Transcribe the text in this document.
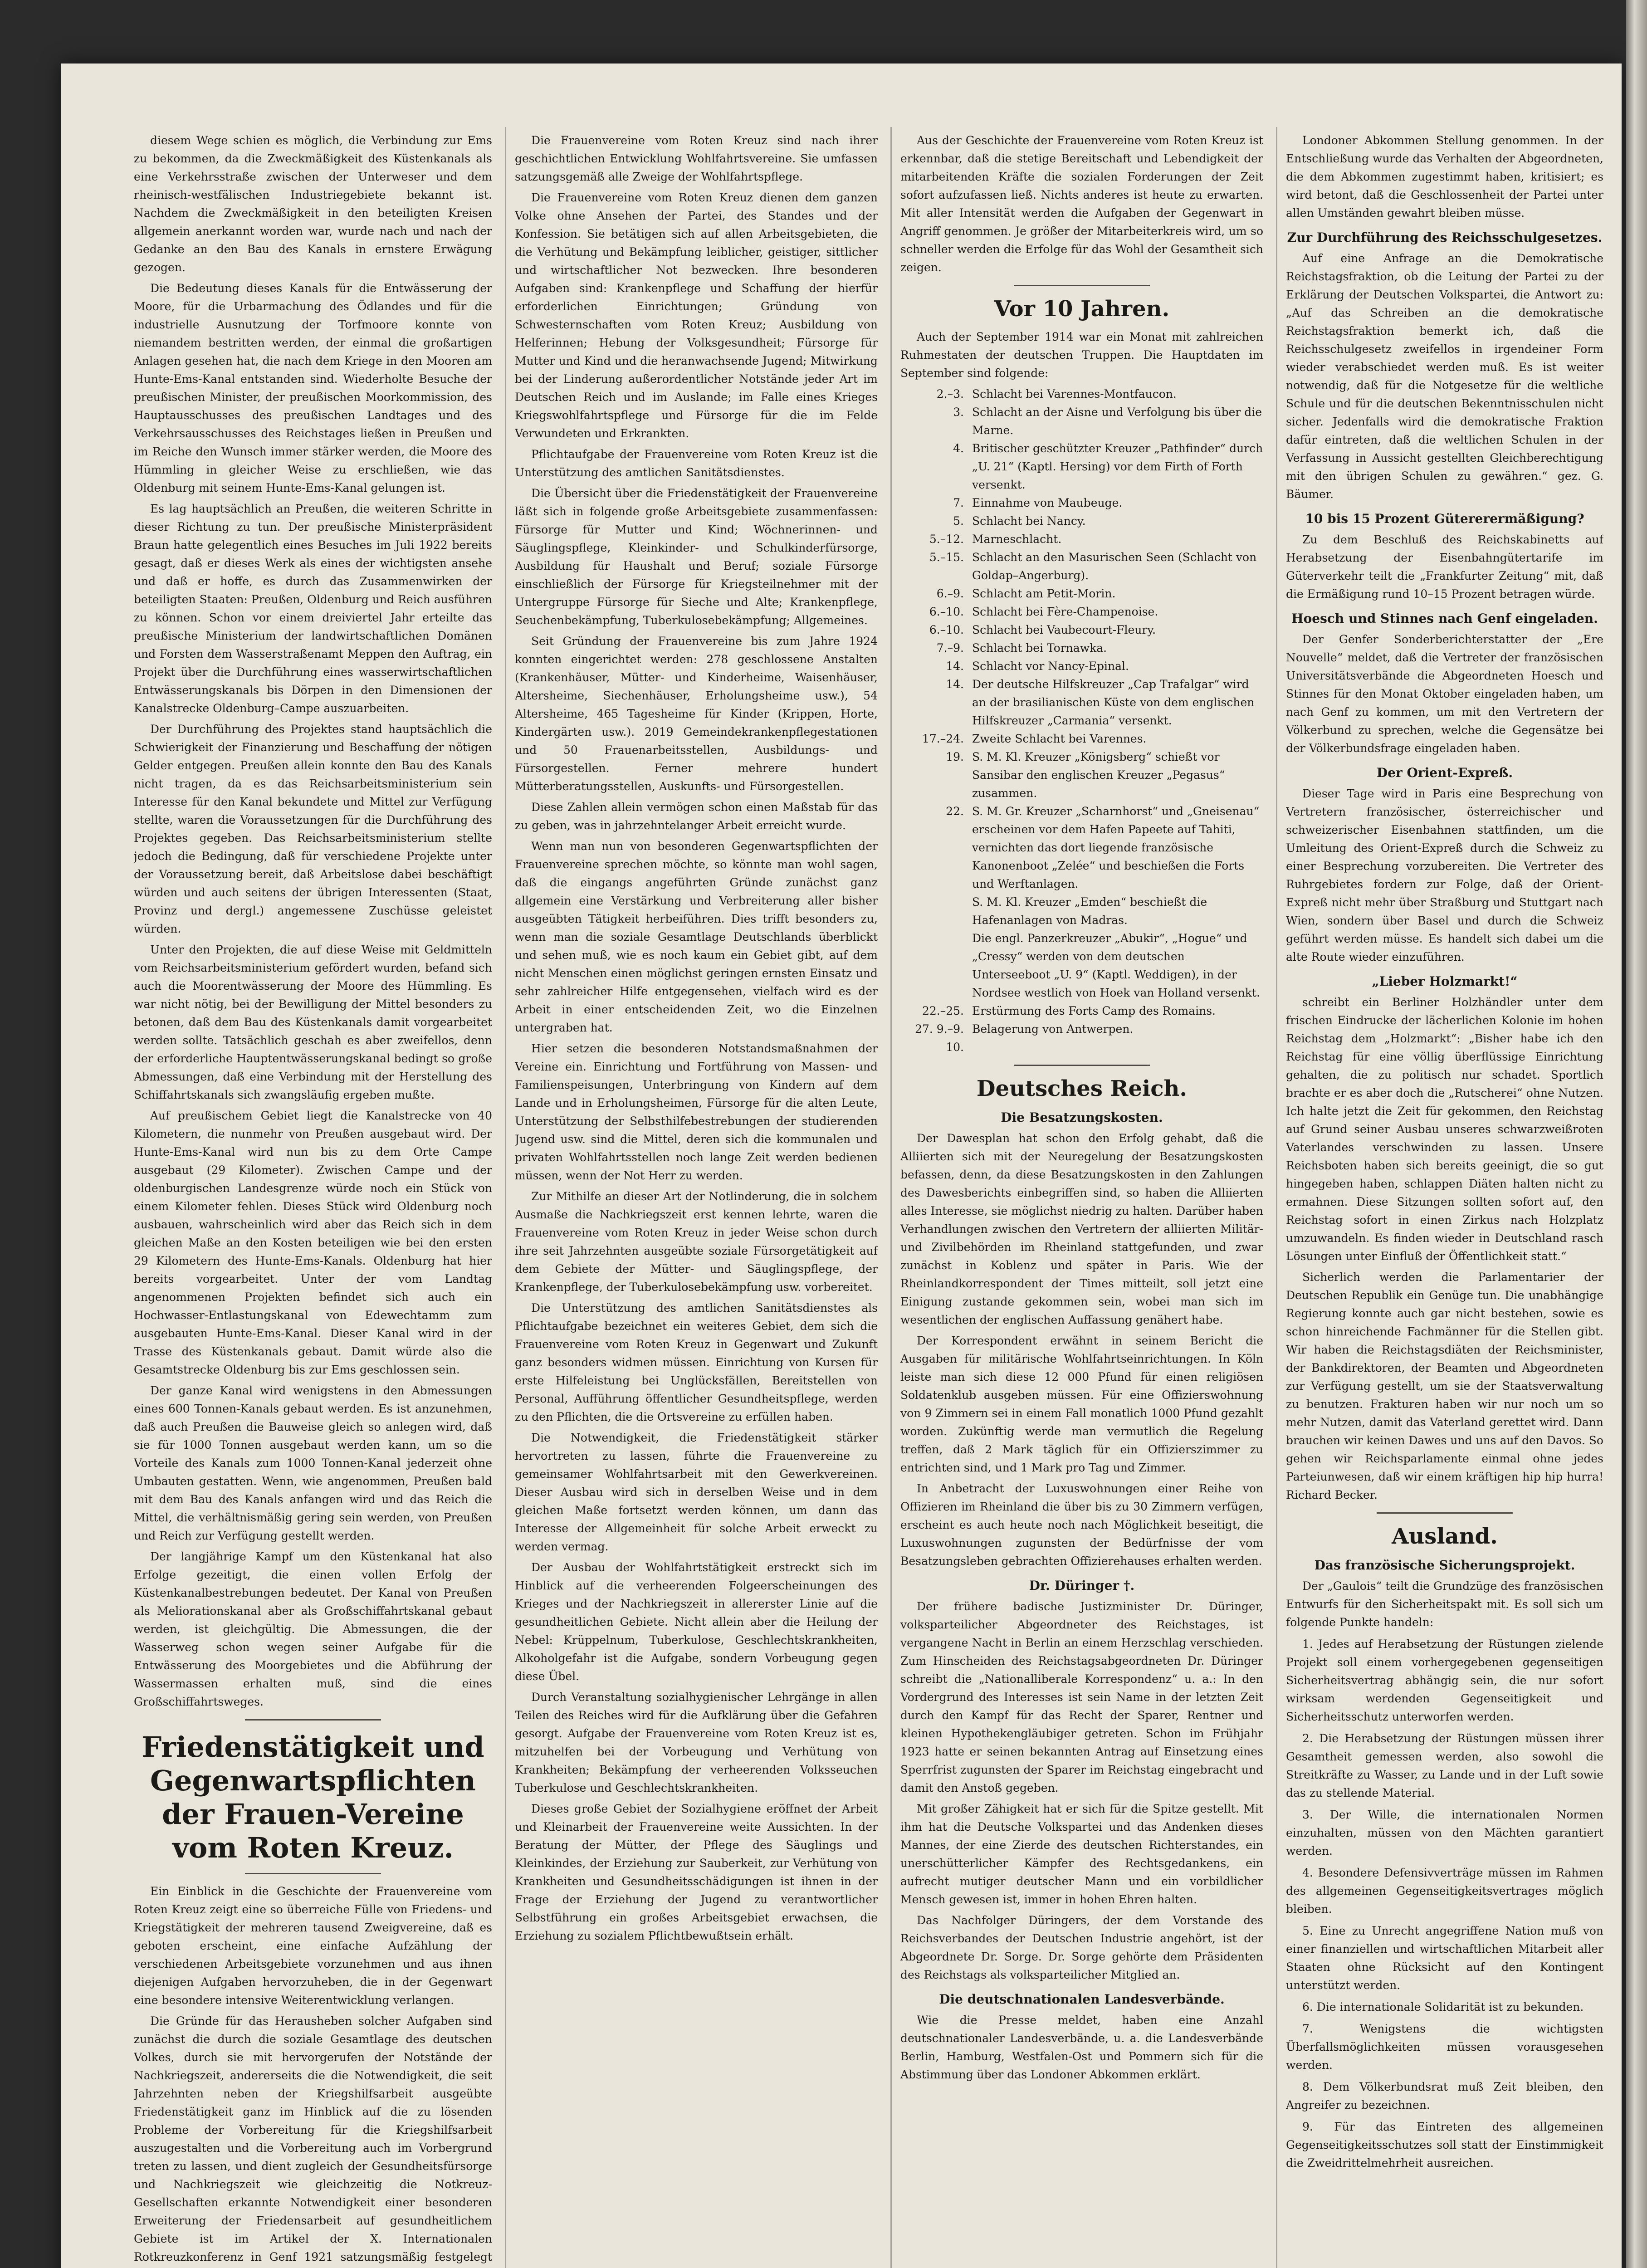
diesem Wege schien es möglich, die Verbindung zur Ems zu bekommen, da die Zweckmäßigkeit des Küstenkanals als eine Verkehrsstraße zwischen der Unterweser und dem rheinisch-westfälischen Industriegebiete bekannt ist. Nachdem die Zweckmäßigkeit in den beteiligten Kreisen allgemein anerkannt worden war, wurde nach und nach der Gedanke an den Bau des Kanals in ernstere Erwägung gezogen.

Die Bedeutung dieses Kanals für die Entwässerung der Moore, für die Urbarmachung des Ödlandes und für die industrielle Ausnutzung der Torfmoore konnte von niemandem bestritten werden, der einmal die großartigen Anlagen gesehen hat, die nach dem Kriege in den Mooren am Hunte-Ems-Kanal entstanden sind. Wiederholte Besuche der preußischen Minister, der preußischen Moorkommission, des Hauptausschusses des preußischen Landtages und des Verkehrsausschusses des Reichstages ließen in Preußen und im Reiche den Wunsch immer stärker werden, die Moore des Hümmling in gleicher Weise zu erschließen, wie das Oldenburg mit seinem Hunte-Ems-Kanal gelungen ist.

Es lag hauptsächlich an Preußen, die weiteren Schritte in dieser Richtung zu tun. Der preußische Ministerpräsident Braun hatte gelegentlich eines Besuches im Juli 1922 bereits gesagt, daß er dieses Werk als eines der wichtigsten ansehe und daß er hoffe, es durch das Zusammenwirken der beteiligten Staaten: Preußen, Oldenburg und Reich ausführen zu können. Schon vor einem dreiviertel Jahr erteilte das preußische Ministerium der landwirtschaftlichen Domänen und Forsten dem Wasserstraßenamt Meppen den Auftrag, ein Projekt über die Durchführung eines wasserwirtschaftlichen Entwässerungskanals bis Dörpen in den Dimensionen der Kanalstrecke Oldenburg–Campe auszuarbeiten.

Der Durchführung des Projektes stand hauptsächlich die Schwierigkeit der Finanzierung und Beschaffung der nötigen Gelder entgegen. Preußen allein konnte den Bau des Kanals nicht tragen, da es das Reichsarbeitsministerium sein Interesse für den Kanal bekundete und Mittel zur Verfügung stellte, waren die Voraussetzungen für die Durchführung des Projektes gegeben. Das Reichsarbeitsministerium stellte jedoch die Bedingung, daß für verschiedene Projekte unter der Voraussetzung bereit, daß Arbeitslose dabei beschäftigt würden und auch seitens der übrigen Interessenten (Staat, Provinz und dergl.) angemessene Zuschüsse geleistet würden.

Unter den Projekten, die auf diese Weise mit Geldmitteln vom Reichsarbeitsministerium gefördert wurden, befand sich auch die Moorentwässerung der Moore des Hümmling. Es war nicht nötig, bei der Bewilligung der Mittel besonders zu betonen, daß dem Bau des Küstenkanals damit vorgearbeitet werden sollte. Tatsächlich geschah es aber zweifellos, denn der erforderliche Hauptentwässerungskanal bedingt so große Abmessungen, daß eine Verbindung mit der Herstellung des Schiffahrtskanals sich zwangsläufig ergeben mußte.

Auf preußischem Gebiet liegt die Kanalstrecke von 40 Kilometern, die nunmehr von Preußen ausgebaut wird. Der Hunte-Ems-Kanal wird nun bis zu dem Orte Campe ausgebaut (29 Kilometer). Zwischen Campe und der oldenburgischen Landesgrenze würde noch ein Stück von einem Kilometer fehlen. Dieses Stück wird Oldenburg noch ausbauen, wahrscheinlich wird aber das Reich sich in dem gleichen Maße an den Kosten beteiligen wie bei den ersten 29 Kilometern des Hunte-Ems-Kanals. Oldenburg hat hier bereits vorgearbeitet. Unter der vom Landtag angenommenen Projekten befindet sich auch ein Hochwasser-Entlastungskanal von Edewechtamm zum ausgebauten Hunte-Ems-Kanal. Dieser Kanal wird in der Trasse des Küstenkanals gebaut. Damit würde also die Gesamtstrecke Oldenburg bis zur Ems geschlossen sein.

Der ganze Kanal wird wenigstens in den Abmessungen eines 600 Tonnen-Kanals gebaut werden. Es ist anzunehmen, daß auch Preußen die Bauweise gleich so anlegen wird, daß sie für 1000 Tonnen ausgebaut werden kann, um so die Vorteile des Kanals zum 1000 Tonnen-Kanal jederzeit ohne Umbauten gestatten. Wenn, wie angenommen, Preußen bald mit dem Bau des Kanals anfangen wird und das Reich die Mittel, die verhältnismäßig gering sein werden, von Preußen und Reich zur Verfügung gestellt werden.

Der langjährige Kampf um den Küstenkanal hat also Erfolge gezeitigt, die einen vollen Erfolg der Küstenkanalbestrebungen bedeutet. Der Kanal von Preußen als Meliorationskanal aber als Großschiffahrtskanal gebaut werden, ist gleichgültig. Die Abmessungen, die der Wasserweg schon wegen seiner Aufgabe für die Entwässerung des Moorgebietes und die Abführung der Wassermassen erhalten muß, sind die eines Großschiffahrtsweges.

Friedenstätigkeit und Gegenwartspflichten der Frauen-Vereine vom Roten Kreuz.

Ein Einblick in die Geschichte der Frauenvereine vom Roten Kreuz zeigt eine so überreiche Fülle von Friedens- und Kriegstätigkeit der mehreren tausend Zweigvereine, daß es geboten erscheint, eine einfache Aufzählung der verschiedenen Arbeitsgebiete vorzunehmen und aus ihnen diejenigen Aufgaben hervorzuheben, die in der Gegenwart eine besondere intensive Weiterentwicklung verlangen.

Die Gründe für das Herausheben solcher Aufgaben sind zunächst die durch die soziale Gesamtlage des deutschen Volkes, durch sie mit hervorgerufen der Notstände der Nachkriegszeit, andererseits die die Notwendigkeit, die seit Jahrzehnten neben der Kriegshilfsarbeit ausgeübte Friedenstätigkeit ganz im Hinblick auf die zu lösenden Probleme der Vorbereitung für die Kriegshilfsarbeit auszugestalten und die Vorbereitung auch im Vorbergrund treten zu lassen, und dient zugleich der Gesundheitsfürsorge und Nachkriegszeit wie gleichzeitig die Notkreuz-Gesellschaften erkannte Notwendigkeit einer besonderen Erweiterung der Friedensarbeit auf gesundheitlichem Gebiete ist im Artikel der X. Internationalen Rotkreuzkonferenz in Genf 1921 satzungsmäßig festgelegt

Die Frauenvereine vom Roten Kreuz sind nach ihrer geschichtlichen Entwicklung Wohlfahrtsvereine. Sie umfassen satzungsgemäß alle Zweige der Wohlfahrtspflege.

Die Frauenvereine vom Roten Kreuz dienen dem ganzen Volke ohne Ansehen der Partei, des Standes und der Konfession. Sie betätigen sich auf allen Arbeitsgebieten, die die Verhütung und Bekämpfung leiblicher, geistiger, sittlicher und wirtschaftlicher Not bezwecken. Ihre besonderen Aufgaben sind: Krankenpflege und Schaffung der hierfür erforderlichen Einrichtungen; Gründung von Schwesternschaften vom Roten Kreuz; Ausbildung von Helferinnen; Hebung der Volksgesundheit; Fürsorge für Mutter und Kind und die heranwachsende Jugend; Mitwirkung bei der Linderung außerordentlicher Notstände jeder Art im Deutschen Reich und im Auslande; im Falle eines Krieges Kriegswohlfahrtspflege und Fürsorge für die im Felde Verwundeten und Erkrankten.

Pflichtaufgabe der Frauenvereine vom Roten Kreuz ist die Unterstützung des amtlichen Sanitätsdienstes.

Die Übersicht über die Friedenstätigkeit der Frauenvereine läßt sich in folgende große Arbeitsgebiete zusammenfassen: Fürsorge für Mutter und Kind; Wöchnerinnen- und Säuglingspflege, Kleinkinder- und Schulkinderfürsorge, Ausbildung für Haushalt und Beruf; soziale Fürsorge einschließlich der Fürsorge für Kriegsteilnehmer mit der Untergruppe Fürsorge für Sieche und Alte; Krankenpflege, Seuchenbekämpfung, Tuberkulosebekämpfung; Allgemeines.

Seit Gründung der Frauenvereine bis zum Jahre 1924 konnten eingerichtet werden: 278 geschlossene Anstalten (Krankenhäuser, Mütter- und Kinderheime, Waisenhäuser, Altersheime, Siechenhäuser, Erholungsheime usw.), 54 Altersheime, 465 Tagesheime für Kinder (Krippen, Horte, Kindergärten usw.). 2019 Gemeindekrankenpflegestationen und 50 Frauenarbeitsstellen, Ausbildungs- und Fürsorgestellen. Ferner mehrere hundert Mütterberatungsstellen, Auskunfts- und Fürsorgestellen.

Diese Zahlen allein vermögen schon einen Maßstab für das zu geben, was in jahrzehntelanger Arbeit erreicht wurde.

Wenn man nun von besonderen Gegenwartspflichten der Frauenvereine sprechen möchte, so könnte man wohl sagen, daß die eingangs angeführten Gründe zunächst ganz allgemein eine Verstärkung und Verbreiterung aller bisher ausgeübten Tätigkeit herbeiführen. Dies trifft besonders zu, wenn man die soziale Gesamtlage Deutschlands überblickt und sehen muß, wie es noch kaum ein Gebiet gibt, auf dem nicht Menschen einen möglichst geringen ernsten Einsatz und sehr zahlreicher Hilfe entgegensehen, vielfach wird es der Arbeit in einer entscheidenden Zeit, wo die Einzelnen untergraben hat.

Hier setzen die besonderen Notstandsmaßnahmen der Vereine ein. Einrichtung und Fortführung von Massen- und Familienspeisungen, Unterbringung von Kindern auf dem Lande und in Erholungsheimen, Fürsorge für die alten Leute, Unterstützung der Selbsthilfebestrebungen der studierenden Jugend usw. sind die Mittel, deren sich die kommunalen und privaten Wohlfahrtsstellen noch lange Zeit werden bedienen müssen, wenn der Not Herr zu werden.

Zur Mithilfe an dieser Art der Notlinderung, die in solchem Ausmaße die Nachkriegszeit erst kennen lehrte, waren die Frauenvereine vom Roten Kreuz in jeder Weise schon durch ihre seit Jahrzehnten ausgeübte soziale Fürsorgetätigkeit auf dem Gebiete der Mütter- und Säuglingspflege, der Krankenpflege, der Tuberkulosebekämpfung usw. vorbereitet.

Die Unterstützung des amtlichen Sanitätsdienstes als Pflichtaufgabe bezeichnet ein weiteres Gebiet, dem sich die Frauenvereine vom Roten Kreuz in Gegenwart und Zukunft ganz besonders widmen müssen. Einrichtung von Kursen für erste Hilfeleistung bei Unglücksfällen, Bereitstellen von Personal, Aufführung öffentlicher Gesundheitspflege, werden zu den Pflichten, die die Ortsvereine zu erfüllen haben.

Die Notwendigkeit, die Friedenstätigkeit stärker hervortreten zu lassen, führte die Frauenvereine zu gemeinsamer Wohlfahrtsarbeit mit den Gewerkvereinen. Dieser Ausbau wird sich in derselben Weise und in dem gleichen Maße fortsetzt werden können, um dann das Interesse der Allgemeinheit für solche Arbeit erweckt zu werden vermag.

Der Ausbau der Wohlfahrtstätigkeit erstreckt sich im Hinblick auf die verheerenden Folgeerscheinungen des Krieges und der Nachkriegszeit in allererster Linie auf die gesundheitlichen Gebiete. Nicht allein aber die Heilung der Nebel: Krüppelnum, Tuberkulose, Geschlechtskrankheiten, Alkoholgefahr ist die Aufgabe, sondern Vorbeugung gegen diese Übel.

Durch Veranstaltung sozialhygienischer Lehrgänge in allen Teilen des Reiches wird für die Aufklärung über die Gefahren gesorgt. Aufgabe der Frauenvereine vom Roten Kreuz ist es, mitzuhelfen bei der Vorbeugung und Verhütung von Krankheiten; Bekämpfung der verheerenden Volksseuchen Tuberkulose und Geschlechtskrankheiten.

Dieses große Gebiet der Sozialhygiene eröffnet der Arbeit und Kleinarbeit der Frauenvereine weite Aussichten. In der Beratung der Mütter, der Pflege des Säuglings und Kleinkindes, der Erziehung zur Sauberkeit, zur Verhütung von Krankheiten und Gesundheitsschädigungen ist ihnen in der Frage der Erziehung der Jugend zu verantwortlicher Selbstführung ein großes Arbeitsgebiet erwachsen, die Erziehung zu sozialem Pflichtbewußtsein erhält.

Aus der Geschichte der Frauenvereine vom Roten Kreuz ist erkennbar, daß die stetige Bereitschaft und Lebendigkeit der mitarbeitenden Kräfte die sozialen Forderungen der Zeit sofort aufzufassen ließ. Nichts anderes ist heute zu erwarten. Mit aller Intensität werden die Aufgaben der Gegenwart in Angriff genommen. Je größer der Mitarbeiterkreis wird, um so schneller werden die Erfolge für das Wohl der Gesamtheit sich zeigen.

Vor 10 Jahren.

Auch der September 1914 war ein Monat mit zahlreichen Ruhmestaten der deutschen Truppen. Die Hauptdaten im September sind folgende:

2.–3. Schlacht bei Varennes-Montfaucon.
3. Schlacht an der Aisne und Verfolgung bis über die Marne.
4. Britischer geschützter Kreuzer „Pathfinder“ durch „U. 21“ (Kaptl. Hersing) vor dem Firth of Forth versenkt.
7. Einnahme von Maubeuge.
5. Schlacht bei Nancy.
5.–12. Marneschlacht.
5.–15. Schlacht an den Masurischen Seen (Schlacht von Goldap–Angerburg).
6.–9. Schlacht am Petit-Morin.
6.–10. Schlacht bei Fère-Champenoise.
6.–10. Schlacht bei Vaubecourt-Fleury.
7.–9. Schlacht bei Tornawka.
14. Schlacht vor Nancy-Epinal.
14. Der deutsche Hilfskreuzer „Cap Trafalgar“ wird an der brasilianischen Küste von dem englischen Hilfskreuzer „Carmania“ versenkt.
17.–24. Zweite Schlacht bei Varennes.
19. S. M. Kl. Kreuzer „Königsberg“ schießt vor Sansibar den englischen Kreuzer „Pegasus“ zusammen.
22. S. M. Gr. Kreuzer „Scharnhorst“ und „Gneisenau“ erscheinen vor dem Hafen Papeete auf Tahiti, vernichten das dort liegende französische Kanonenboot „Zelée“ und beschießen die Forts und Werftanlagen.
S. M. Kl. Kreuzer „Emden“ beschießt die Hafenanlagen von Madras.
Die engl. Panzerkreuzer „Abukir“, „Hogue“ und „Cressy“ werden von dem deutschen Unterseeboot „U. 9“ (Kaptl. Weddigen), in der Nordsee westlich von Hoek van Holland versenkt.
22.–25. Erstürmung des Forts Camp des Romains.
27. 9.–9. 10.
Belagerung von Antwerpen.
Deutsches Reich.
Die Besatzungskosten.

Der Dawesplan hat schon den Erfolg gehabt, daß die Alliierten sich mit der Neuregelung der Besatzungskosten befassen, denn, da diese Besatzungskosten in den Zahlungen des Dawesberichts einbegriffen sind, so haben die Alliierten alles Interesse, sie möglichst niedrig zu halten. Darüber haben Verhandlungen zwischen den Vertretern der alliierten Militär- und Zivilbehörden im Rheinland stattgefunden, und zwar zunächst in Koblenz und später in Paris. Wie der Rheinlandkorrespondent der Times mitteilt, soll jetzt eine Einigung zustande gekommen sein, wobei man sich im wesentlichen der englischen Auffassung genähert habe.

Der Korrespondent erwähnt in seinem Bericht die Ausgaben für militärische Wohlfahrtseinrichtungen. In Köln leiste man sich diese 12 000 Pfund für einen religiösen Soldatenklub ausgeben müssen. Für eine Offizierswohnung von 9 Zimmern sei in einem Fall monatlich 1000 Pfund gezahlt worden. Zukünftig werde man vermutlich die Regelung treffen, daß 2 Mark täglich für ein Offizierszimmer zu entrichten sind, und 1 Mark pro Tag und Zimmer.

In Anbetracht der Luxuswohnungen einer Reihe von Offizieren im Rheinland die über bis zu 30 Zimmern verfügen, erscheint es auch heute noch nach Möglichkeit beseitigt, die Luxuswohnungen zugunsten der Bedürfnisse der vom Besatzungsleben gebrachten Offizierehauses erhalten werden.

Dr. Düringer †.

Der frühere badische Justizminister Dr. Düringer, volksparteilicher Abgeordneter des Reichstages, ist vergangene Nacht in Berlin an einem Herzschlag verschieden. Zum Hinscheiden des Reichstagsabgeordneten Dr. Düringer schreibt die „Nationalliberale Korrespondenz“ u. a.: In den Vordergrund des Interesses ist sein Name in der letzten Zeit durch den Kampf für das Recht der Sparer, Rentner und kleinen Hypothekengläubiger getreten. Schon im Frühjahr 1923 hatte er seinen bekannten Antrag auf Einsetzung eines Sperrfrist zugunsten der Sparer im Reichstag eingebracht und damit den Anstoß gegeben.

Mit großer Zähigkeit hat er sich für die Spitze gestellt. Mit ihm hat die Deutsche Volkspartei und das Andenken dieses Mannes, der eine Zierde des deutschen Richterstandes, ein unerschütterlicher Kämpfer des Rechtsgedankens, ein aufrecht mutiger deutscher Mann und ein vorbildlicher Mensch gewesen ist, immer in hohen Ehren halten.

Das Nachfolger Düringers, der dem Vorstande des Reichsverbandes der Deutschen Industrie angehört, ist der Abgeordnete Dr. Sorge. Dr. Sorge gehörte dem Präsidenten des Reichstags als volksparteilicher Mitglied an.

Die deutschnationalen Landesverbände.

Wie die Presse meldet, haben eine Anzahl deutschnationaler Landesverbände, u. a. die Landesverbände Berlin, Hamburg, Westfalen-Ost und Pommern sich für die Abstimmung über das Londoner Abkommen erklärt.

Londoner Abkommen Stellung genommen. In der Entschließung wurde das Verhalten der Abgeordneten, die dem Abkommen zugestimmt haben, kritisiert; es wird betont, daß die Geschlossenheit der Partei unter allen Umständen gewahrt bleiben müsse.

Zur Durchführung des Reichsschulgesetzes.

Auf eine Anfrage an die Demokratische Reichstagsfraktion, ob die Leitung der Partei zu der Erklärung der Deutschen Volkspartei, die Antwort zu: „Auf das Schreiben an die demokratische Reichstagsfraktion bemerkt ich, daß die Reichsschulgesetz zweifellos in irgendeiner Form wieder verabschiedet werden muß. Es ist weiter notwendig, daß für die Notgesetze für die weltliche Schule und für die deutschen Bekenntnisschulen nicht sicher. Jedenfalls wird die demokratische Fraktion dafür eintreten, daß die weltlichen Schulen in der Verfassung in Aussicht gestellten Gleichberechtigung mit den übrigen Schulen zu gewähren.“ gez. G. Bäumer.

10 bis 15 Prozent Gütererermäßigung?

Zu dem Beschluß des Reichskabinetts auf Herabsetzung der Eisenbahngütertarife im Güterverkehr teilt die „Frankfurter Zeitung“ mit, daß die Ermäßigung rund 10–15 Prozent betragen würde.

Hoesch und Stinnes nach Genf eingeladen.

Der Genfer Sonderberichterstatter der „Ere Nouvelle“ meldet, daß die Vertreter der französischen Universitätsverbände die Abgeordneten Hoesch und Stinnes für den Monat Oktober eingeladen haben, um nach Genf zu kommen, um mit den Vertretern der Völkerbund zu sprechen, welche die Gegensätze bei der Völkerbundsfrage eingeladen haben.

Der Orient-Expreß.

Dieser Tage wird in Paris eine Besprechung von Vertretern französischer, österreichischer und schweizerischer Eisenbahnen stattfinden, um die Umleitung des Orient-Expreß durch die Schweiz zu einer Besprechung vorzubereiten. Die Vertreter des Ruhrgebietes fordern zur Folge, daß der Orient-Expreß nicht mehr über Straßburg und Stuttgart nach Wien, sondern über Basel und durch die Schweiz geführt werden müsse. Es handelt sich dabei um die alte Route wieder einzuführen.

„Lieber Holzmarkt!“

schreibt ein Berliner Holzhändler unter dem frischen Eindrucke der lächerlichen Kolonie im hohen Reichstag dem „Holzmarkt“: „Bisher habe ich den Reichstag für eine völlig überflüssige Einrichtung gehalten, die zu politisch nur schadet. Sportlich brachte er es aber doch die „Rutscherei“ ohne Nutzen. Ich halte jetzt die Zeit für gekommen, den Reichstag auf Grund seiner Ausbau unseres schwarzweißroten Vaterlandes verschwinden zu lassen. Unsere Reichsboten haben sich bereits geeinigt, die so gut hingegeben haben, schlappen Diäten halten nicht zu ermahnen. Diese Sitzungen sollten sofort auf, den Reichstag sofort in einen Zirkus nach Holzplatz umzuwandeln. Es finden wieder in Deutschland rasch Lösungen unter Einfluß der Öffentlichkeit statt.“

Sicherlich werden die Parlamentarier der Deutschen Republik ein Genüge tun. Die unabhängige Regierung konnte auch gar nicht bestehen, sowie es schon hinreichende Fachmänner für die Stellen gibt. Wir haben die Reichstagsdiäten der Reichsminister, der Bankdirektoren, der Beamten und Abgeordneten zur Verfügung gestellt, um sie der Staatsverwaltung zu benutzen. Frakturen haben wir nur noch um so mehr Nutzen, damit das Vaterland gerettet wird. Dann brauchen wir keinen Dawes und uns auf den Davos. So gehen wir Reichsparlamente einmal ohne jedes Parteiunwesen, daß wir einem kräftigen hip hip hurra! Richard Becker.

Ausland.
Das französische Sicherungsprojekt.

Der „Gaulois“ teilt die Grundzüge des französischen Entwurfs für den Sicherheitspakt mit. Es soll sich um folgende Punkte handeln:

1. Jedes auf Herabsetzung der Rüstungen zielende Projekt soll einem vorhergegebenen gegenseitigen Sicherheitsvertrag abhängig sein, die nur sofort wirksam werdenden Gegenseitigkeit und Sicherheitsschutz unterworfen werden.
2. Die Herabsetzung der Rüstungen müssen ihrer Gesamtheit gemessen werden, also sowohl die Streitkräfte zu Wasser, zu Lande und in der Luft sowie das zu stellende Material.
3. Der Wille, die internationalen Normen einzuhalten, müssen von den Mächten garantiert werden.
4. Besondere Defensivverträge müssen im Rahmen des allgemeinen Gegenseitigkeitsvertrages möglich bleiben.
5. Eine zu Unrecht angegriffene Nation muß von einer finanziellen und wirtschaftlichen Mitarbeit aller Staaten ohne Rücksicht auf den Kontingent unterstützt werden.
6. Die internationale Solidarität ist zu bekunden.
7. Wenigstens die wichtigsten Überfallsmöglichkeiten müssen vorausgesehen werden.
8. Dem Völkerbundsrat muß Zeit bleiben, den Angreifer zu bezeichnen.
9. Für das Eintreten des allgemeinen Gegenseitigkeitsschutzes soll statt der Einstimmigkeit die Zweidrittelmehrheit ausreichen.
